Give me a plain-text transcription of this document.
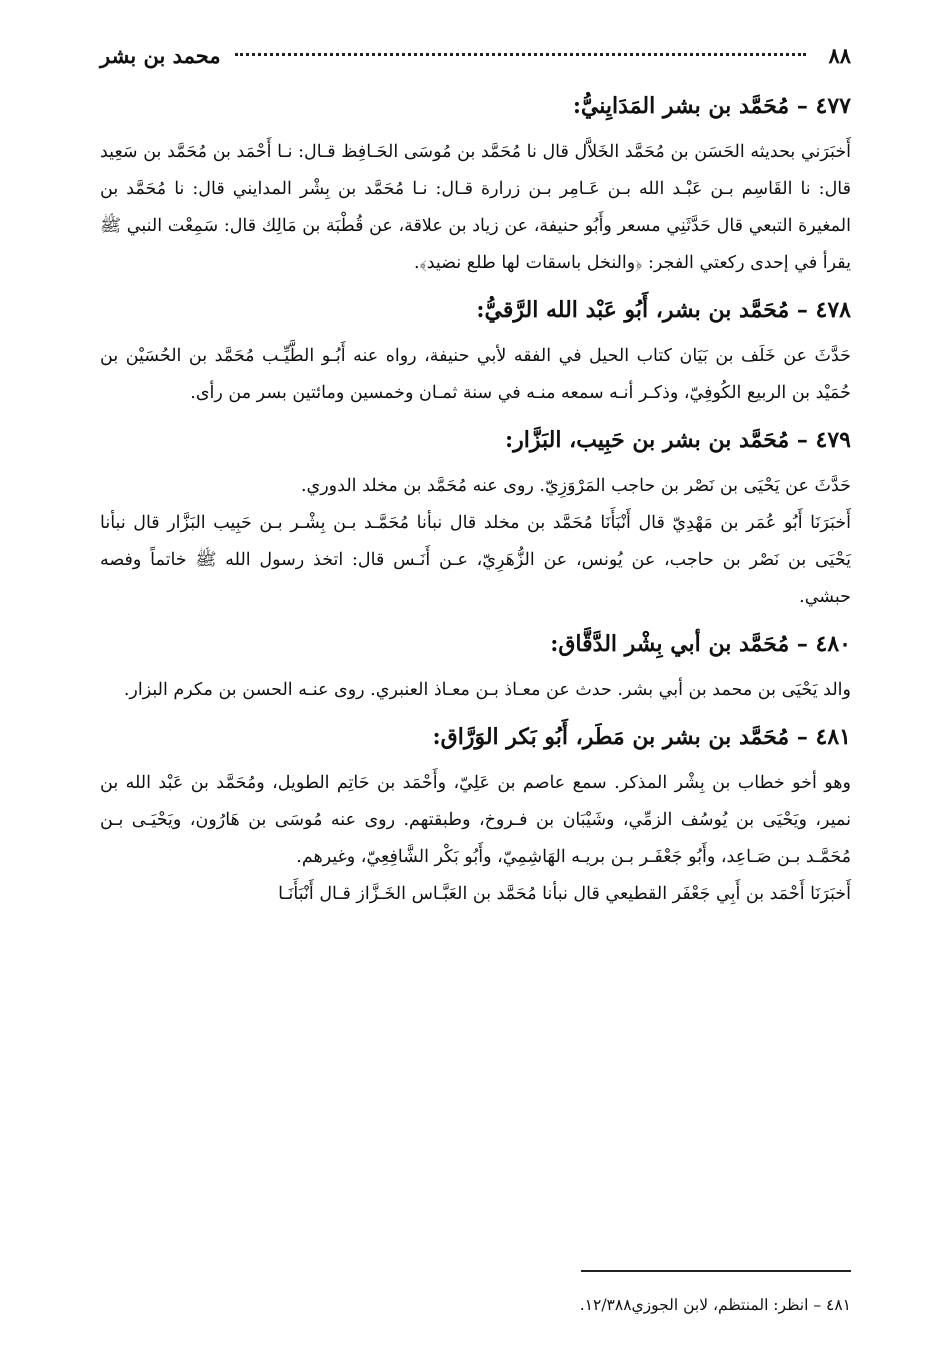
٨٨
محمد بن بشر
٤٧٧ – مُحَمَّد بن بشر المَدَايِنيُّ:

أَخبَرَني بحديثه الحَسَن بن مُحَمَّد الخَلاَّل قال نا مُحَمَّد بن مُوسَى الحَـافِظ قـال: نـا أَحْمَد بن مُحَمَّد بن سَعِيد قال: نا القَاسِم بـن عَبْـد الله بـن عَـامِر بـن زرارة قـال: نـا مُحَمَّد بن بِشْر المدايني قال: نا مُحَمَّد بن المغيرة التبعي قال حَدَّثَنِي مسعر وأَبُو حنيفة، عن زياد بن علاقة، عن قُطْبَة بن مَالِك قال: سَمِعْت النبي ﷺ يقرأ في إحدى ركعتي الفجر: ﴿والنخل باسقات لها طلع نضيد﴾.

٤٧٨ – مُحَمَّد بن بشر، أَبُو عَبْد الله الرَّقيُّ:

حَدَّثَ عن خَلَف بن بَيَان كتاب الحيل في الفقه لأبي حنيفة، رواه عنه أَبُـو الطَّيِّـب مُحَمَّد بن الحُسَيْن بن حُمَيْد بن الربيع الكُوفِيّ، وذكـر أنـه سمعه منـه في سنة ثمـان وخمسين ومائتين بسر من رأى.

٤٧٩ – مُحَمَّد بن بشر بن حَبِيب، البَزَّار:

حَدَّثَ عن يَحْيَى بن نَصْر بن حاجب المَرْوَزِيّ. روى عنه مُحَمَّد بن مخلد الدوري.

أَخبَرَنَا أَبُو عُمَر بن مَهْدِيّ قال أَنْبَأَنَا مُحَمَّد بن مخلد قال نبأنا مُحَمَّـد بـن بِشْـر بـن حَبِيب البَزَّار قال نبأنا يَحْيَى بن نَصْر بن حاجب، عن يُونس، عن الزُّهَرِيّ، عـن أَنَـس قال: اتخذ رسول الله ﷺ خاتماً وفصه حبشي.

٤٨٠ – مُحَمَّد بن أبي بِشْر الدَّقَّاق:

والد يَحْيَى بن محمد بن أبي بشر. حدث عن معـاذ بـن معـاذ العنبري. روى عنـه الحسن بن مكرم البزار.

٤٨١ – مُحَمَّد بن بشر بن مَطَر، أَبُو بَكر الوَرَّاق:

وهو أخو خطاب بن بِشْر المذكر. سمع عاصم بن عَلِيّ، وأَحْمَد بن حَاتِم الطويل، ومُحَمَّد بن عَبْد الله بن نمير، ويَحْيَى بن يُوسُف الزمِّي، وشَيْبَان بن فـروخ، وطبقتهم. روى عنه مُوسَى بن هَارُون، ويَحْيَـى بـن مُحَمَّـد بـن صَـاعِد، وأَبُو جَعْفَـر بـن بريـه الهَاشِمِيّ، وأَبُو بَكْر الشَّافِعِيّ، وغيرهم.

أَخبَرَنَا أَحْمَد بن أَبِي جَعْفَر القطيعي قال نبأنا مُحَمَّد بن العَبَّـاس الخَـزَّاز قـال أَنْبَأَنَـا

٤٨١ – انظر: المنتظم، لابن الجوزي١٢/٣٨٨.
